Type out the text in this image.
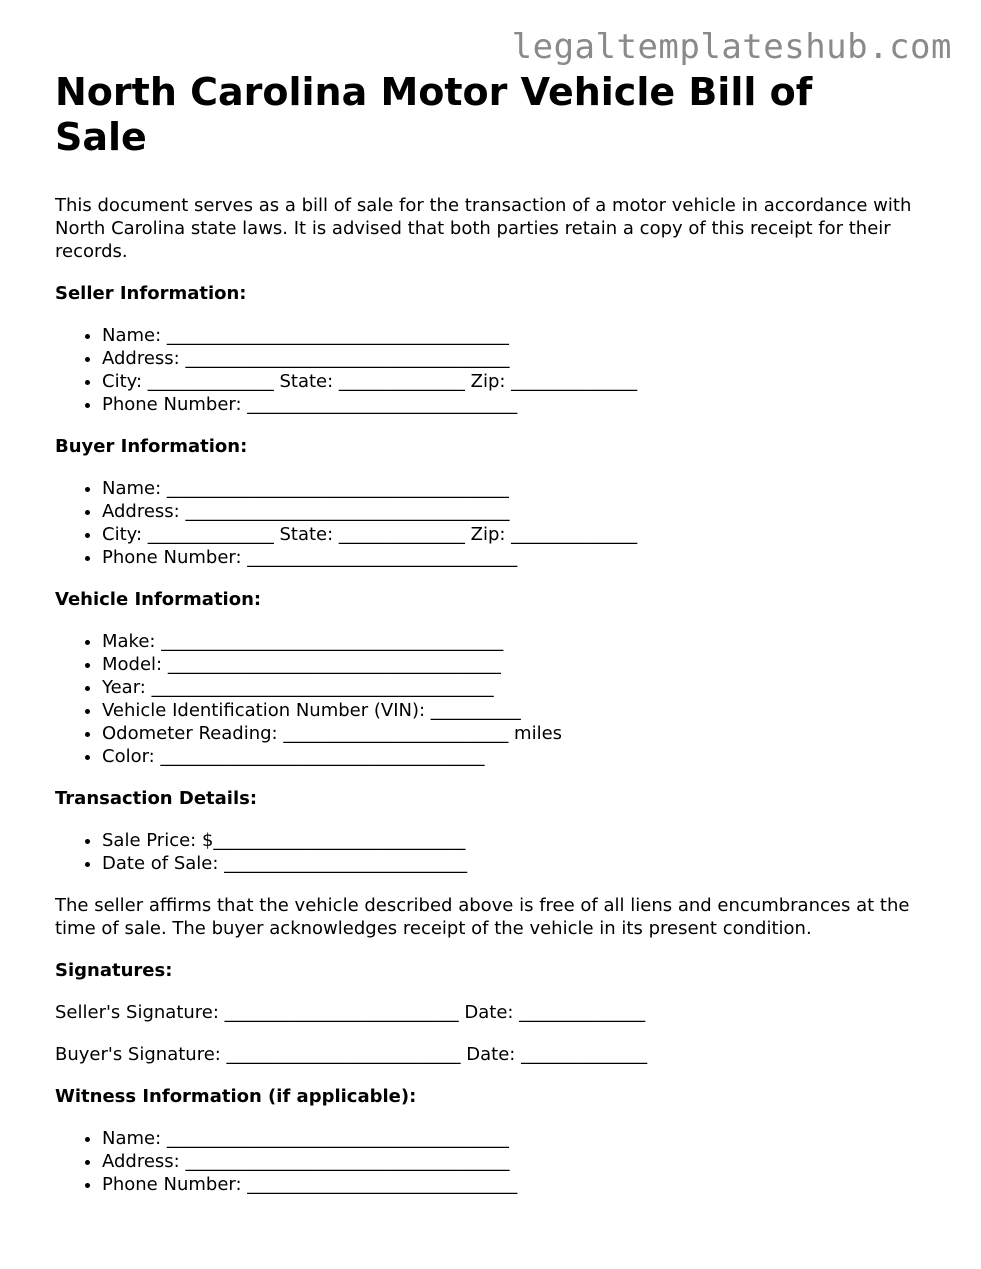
legaltemplateshub.com
North Carolina Motor Vehicle Bill of Sale

This document serves as a bill of sale for the transaction of a motor vehicle in accordance with North Carolina state laws. It is advised that both parties retain a copy of this receipt for their records.

Seller Information:
• Name: ______________________________________
• Address: ____________________________________
• City: ______________ State: ______________ Zip: ______________
• Phone Number: ______________________________
Buyer Information:
• Name: ______________________________________
• Address: ____________________________________
• City: ______________ State: ______________ Zip: ______________
• Phone Number: ______________________________
Vehicle Information:
• Make: ______________________________________
• Model: _____________________________________
• Year: ______________________________________
• Vehicle Identification Number (VIN): __________
• Odometer Reading: _________________________ miles
• Color: ____________________________________
Transaction Details:
• Sale Price: $____________________________
• Date of Sale: ___________________________

The seller affirms that the vehicle described above is free of all liens and encumbrances at the time of sale. The buyer acknowledges receipt of the vehicle in its present condition.

Signatures:
Seller's Signature: __________________________ Date: ______________
Buyer's Signature: __________________________ Date: ______________
Witness Information (if applicable):
• Name: ______________________________________
• Address: ____________________________________
• Phone Number: ______________________________
